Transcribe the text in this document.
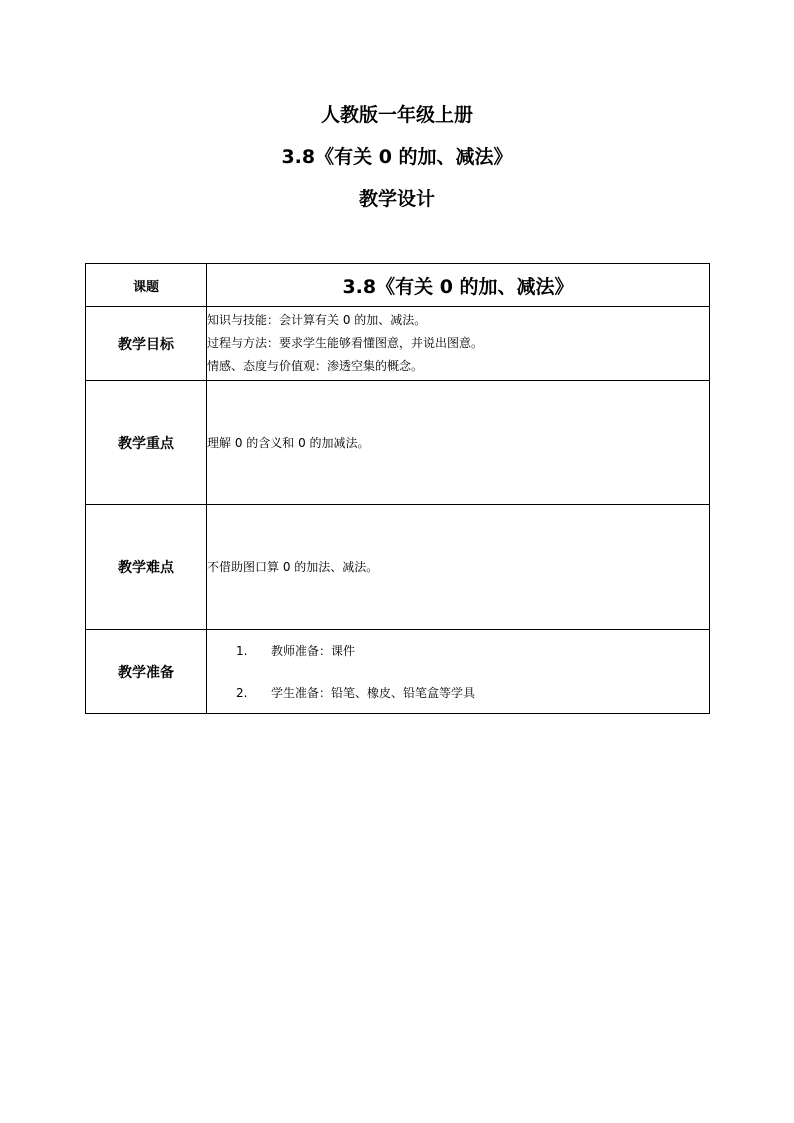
人教版一年级上册
3.8《有关 0 的加、减法》
教学设计
课题	3.8《有关 0 的加、减法》
教学目标	知识与技能：会计算有关 0 的加、减法。
过程与方法：要求学生能够看懂图意，并说出图意。
情感、态度与价值观：渗透空集的概念。

教学重点	理解 0 的含义和 0 的加减法。
教学难点	不借助图口算 0 的加法、减法。
教学准备	1. 教师准备：课件
2. 学生准备：铅笔、橡皮、铅笔盒等学具
